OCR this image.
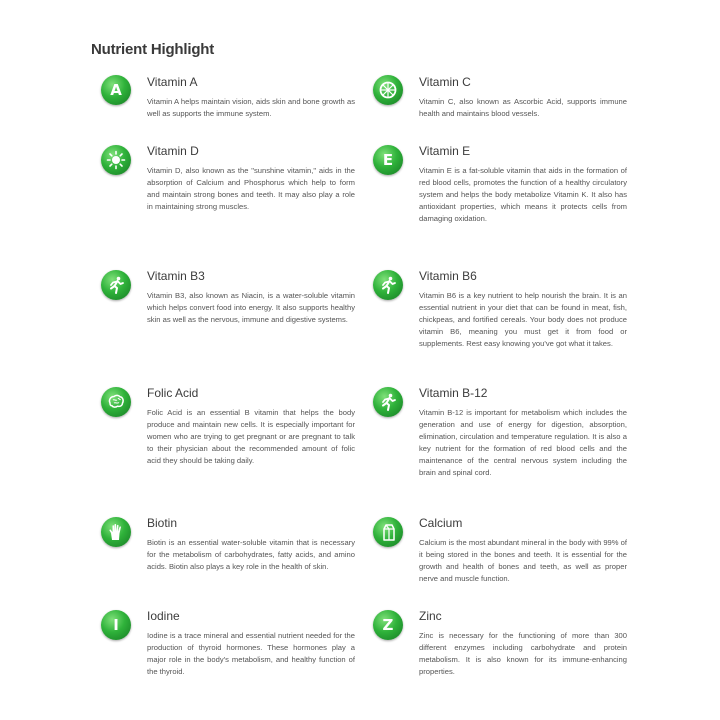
Nutrient Highlight
A Vitamin A

Vitamin A helps maintain vision, aids skin and bone growth as well as supports the immune system.

Vitamin C

Vitamin C, also known as Ascorbic Acid, supports immune health and maintains blood vessels.

Vitamin D

Vitamin D, also known as the "sunshine vitamin," aids in the absorption of Calcium and Phosphorus which help to form and maintain strong bones and teeth. It may also play a role in maintaining strong muscles.

E Vitamin E

Vitamin E is a fat-soluble vitamin that aids in the formation of red blood cells, promotes the function of a healthy circulatory system and helps the body metabolize Vitamin K. It also has antioxidant properties, which means it protects cells from damaging oxidation.

Vitamin B3

Vitamin B3, also known as Niacin, is a water-soluble vitamin which helps convert food into energy. It also supports healthy skin as well as the nervous, immune and digestive systems.

Vitamin B6

Vitamin B6 is a key nutrient to help nourish the brain. It is an essential nutrient in your diet that can be found in meat, fish, chickpeas, and fortified cereals. Your body does not produce vitamin B6, meaning you must get it from food or supplements. Rest easy knowing you've got what it takes.

Folic Acid

Folic Acid is an essential B vitamin that helps the body produce and maintain new cells. It is especially important for women who are trying to get pregnant or are pregnant to talk to their physician about the recommended amount of folic acid they should be taking daily.

Vitamin B-12

Vitamin B-12 is important for metabolism which includes the generation and use of energy for digestion, absorption, elimination, circulation and temperature regulation. It is also a key nutrient for the formation of red blood cells and the maintenance of the central nervous system including the brain and spinal cord.

Biotin

Biotin is an essential water-soluble vitamin that is necessary for the metabolism of carbohydrates, fatty acids, and amino acids. Biotin also plays a key role in the health of skin.

Calcium

Calcium is the most abundant mineral in the body with 99% of it being stored in the bones and teeth. It is essential for the growth and health of bones and teeth, as well as proper nerve and muscle function.

I Iodine

Iodine is a trace mineral and essential nutrient needed for the production of thyroid hormones. These hormones play a major role in the body's metabolism, and healthy function of the thyroid.

Z Zinc

Zinc is necessary for the functioning of more than 300 different enzymes including carbohydrate and protein metabolism. It is also known for its immune-enhancing properties.
